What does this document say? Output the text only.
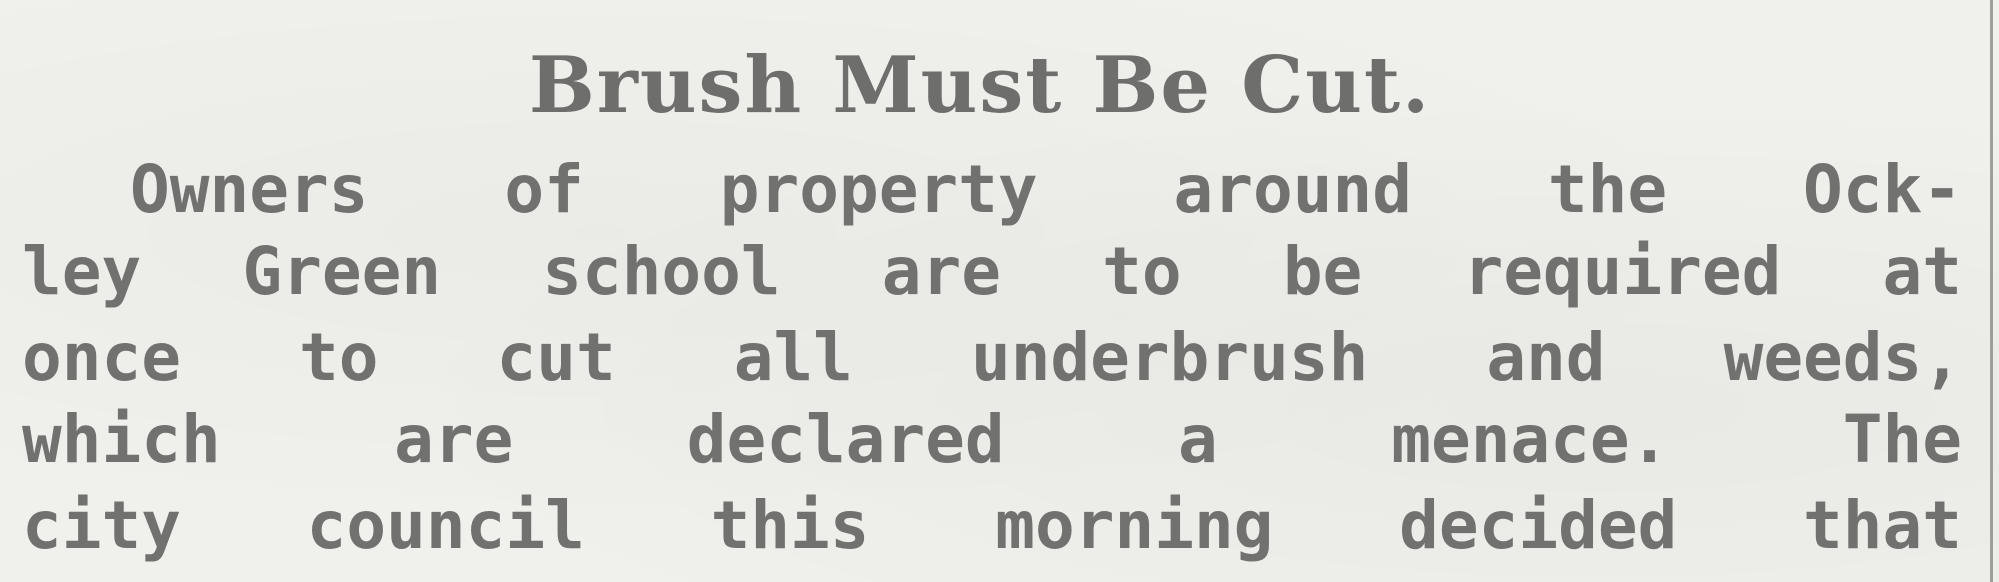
Brush Must Be Cut.

Owners of property around the Ock-

ley Green school are to be required at

once to cut all underbrush and weeds,

which are declared a menace. The

city council this morning decided that
